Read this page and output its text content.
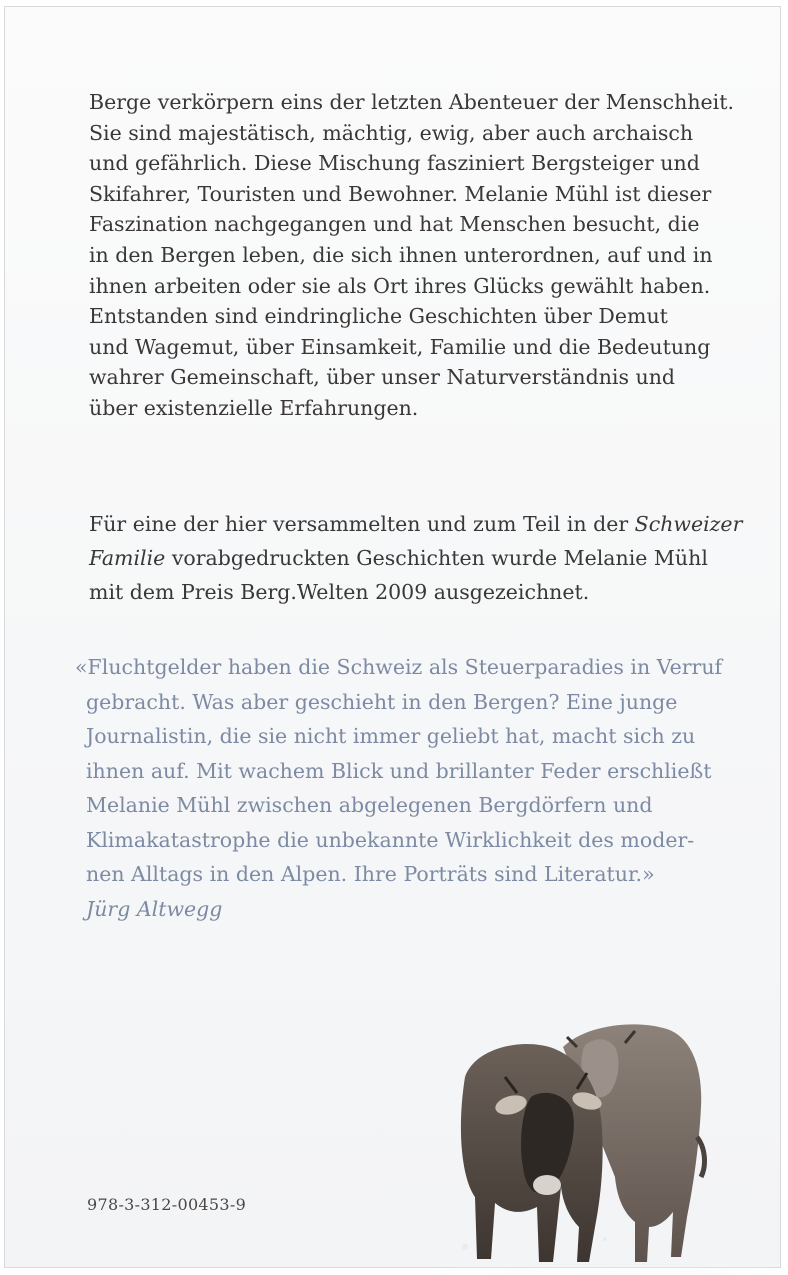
Berge verkörpern eins der letzten Abenteuer der Menschheit.
Sie sind majestätisch, mächtig, ewig, aber auch archaisch
und gefährlich. Diese Mischung fasziniert Bergsteiger und
Skifahrer, Touristen und Bewohner. Melanie Mühl ist dieser
Faszination nachgegangen und hat Menschen besucht, die
in den Bergen leben, die sich ihnen unterordnen, auf und in
ihnen arbeiten oder sie als Ort ihres Glücks gewählt haben.
Entstanden sind eindringliche Geschichten über Demut
und Wagemut, über Einsamkeit, Familie und die Bedeutung
wahrer Gemeinschaft, über unser Naturverständnis und
über existenzielle Erfahrungen.
Für eine der hier versammelten und zum Teil in der Schweizer
Familie vorabgedruckten Geschichten wurde Melanie Mühl
mit dem Preis Berg.Welten 2009 ausgezeichnet.
«Fluchtgelder haben die Schweiz als Steuerparadies in Verruf
gebracht. Was aber geschieht in den Bergen? Eine junge
Journalistin, die sie nicht immer geliebt hat, macht sich zu
ihnen auf. Mit wachem Blick und brillanter Feder erschließt
Melanie Mühl zwischen abgelegenen Bergdörfern und
Klimakatastrophe die unbekannte Wirklichkeit des moder-
nen Alltags in den Alpen. Ihre Porträts sind Literatur.»
Jürg Altwegg
978-3-312-00453-9
